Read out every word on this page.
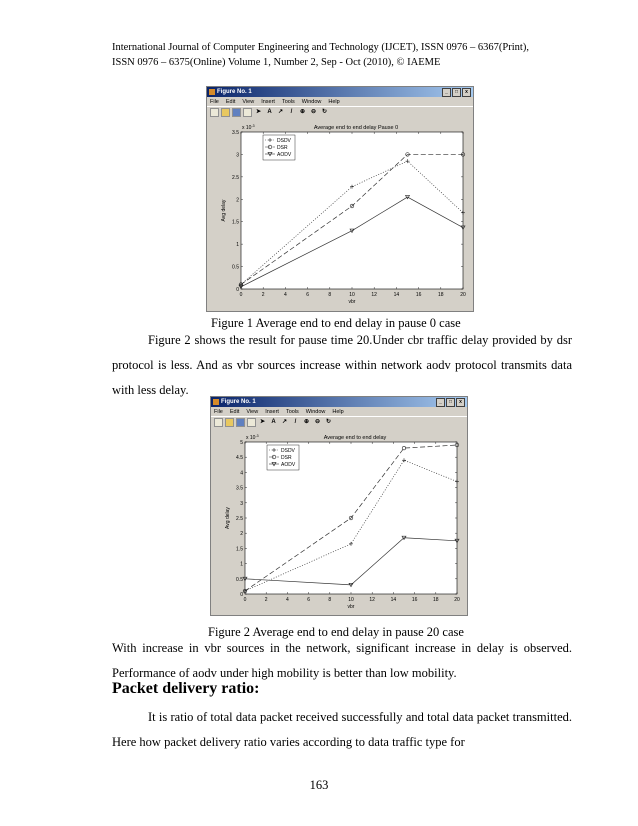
International Journal of Computer Engineering and Technology (IJCET), ISSN 0976 – 6367(Print),
ISSN 0976 – 6375(Online) Volume 1, Number 2, Sep - Oct (2010), © IAEME
Figure No. 1	_	□	x
File Edit View Insert Tools Window Help
➤	A	↗	/	⊕ ⊖ ↻
Average end to end delay Pause 0
x $10^{-3}$
0	2	4	6	8	10	12	14	16	18	20
0
0.5
1
1.5
2
2.5
3
3.5
vbr
Avg delay
DSDV
DSR
AODV
Figure 1 Average end to end delay in pause 0 case
Figure 2 shows the result for pause time 20.Under cbr traffic delay provided by dsr protocol is less. And as vbr sources increase within network aodv protocol transmits data with less delay.
Figure No. 1	_	□	x
File Edit View Insert Tools Window Help
➤	A	↗	/	⊕ ⊖ ↻
Average end to end delay
x $10^{-3}$
0	2	4	6	8	10	12	14	16	18	20
0
0.5
1
1.5
2
2.5
3
3.5
4
4.5
5
vbr
Avg delay
DSDV
DSR
AODV
Figure 2 Average end to end delay in pause 20 case
With increase in vbr sources in the network, significant increase in delay is observed. Performance of aodv under high mobility is better than low mobility.
Packet delivery ratio:
It is ratio of total data packet received successfully and total data packet transmitted. Here how packet delivery ratio varies according to data traffic type for
163
